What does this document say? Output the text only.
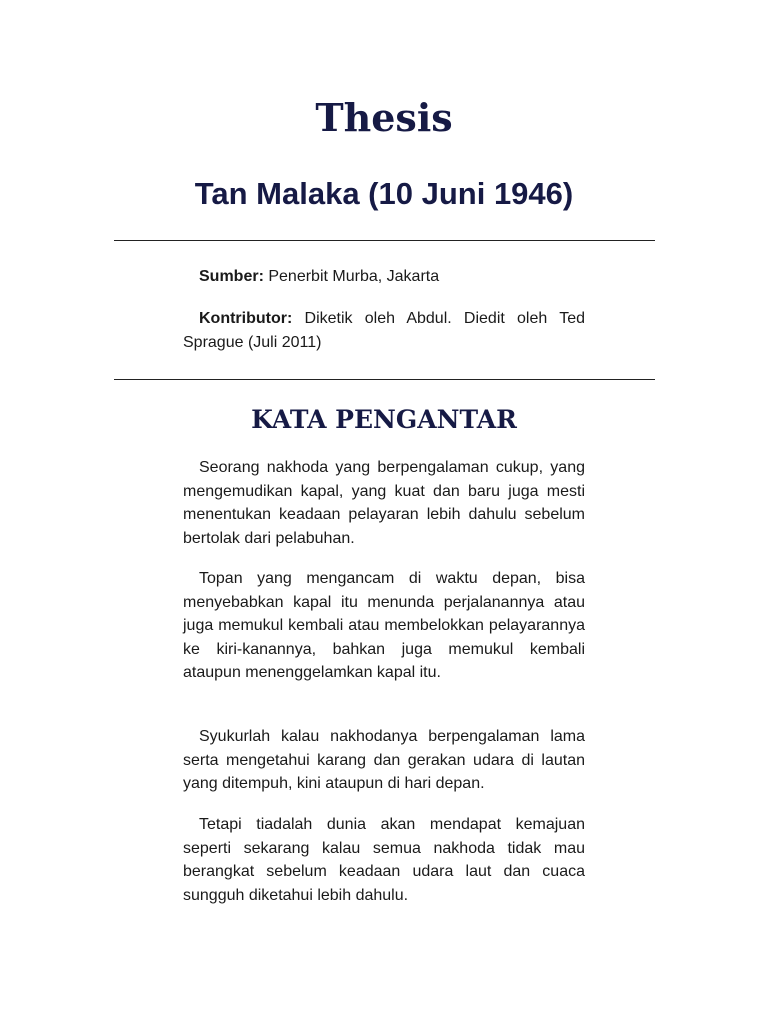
Thesis
Tan Malaka (10 Juni 1946)

Sumber: Penerbit Murba, Jakarta

Kontributor: Diketik oleh Abdul. Diedit oleh Ted Sprague (Juli 2011)

KATA PENGANTAR

Seorang nakhoda yang berpengalaman cukup, yang mengemudikan kapal, yang kuat dan baru juga mesti menentukan keadaan pelayaran lebih dahulu sebelum bertolak dari pelabuhan.

Topan yang mengancam di waktu depan, bisa menyebabkan kapal itu menunda perjalanannya atau juga memukul kembali atau membelokkan pelayarannya ke kiri-kanannya, bahkan juga memukul kembali ataupun menenggelamkan kapal itu.

Syukurlah kalau nakhodanya berpengalaman lama serta mengetahui karang dan gerakan udara di lautan yang ditempuh, kini ataupun di hari depan.

Tetapi tiadalah dunia akan mendapat kemajuan seperti sekarang kalau semua nakhoda tidak mau berangkat sebelum keadaan udara laut dan cuaca sungguh diketahui lebih dahulu.
